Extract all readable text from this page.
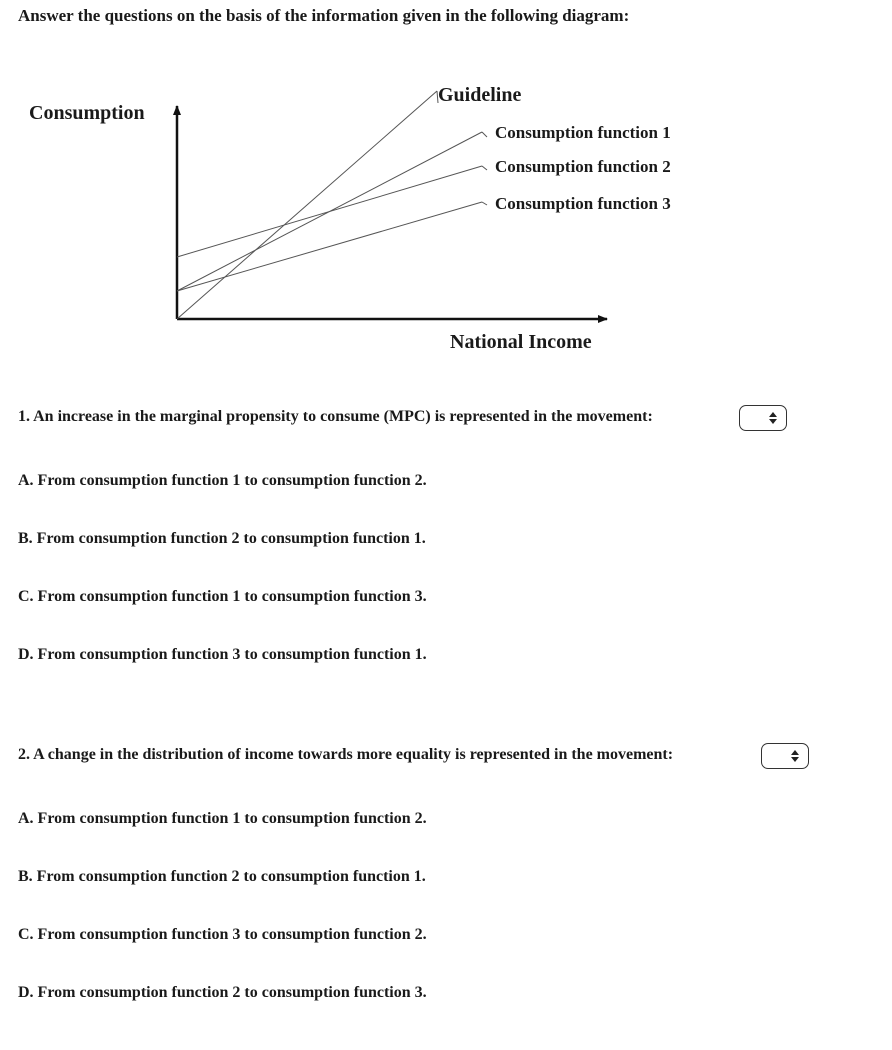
Answer the questions on the basis of the information given in the following diagram:
Consumption
National Income
Guideline
Consumption function 1
Consumption function 2
Consumption function 3
1. An increase in the marginal propensity to consume (MPC) is represented in the movement:
A. From consumption function 1 to consumption function 2.
B. From consumption function 2 to consumption function 1.
C. From consumption function 1 to consumption function 3.
D. From consumption function 3 to consumption function 1.
2. A change in the distribution of income towards more equality is represented in the movement:
A. From consumption function 1 to consumption function 2.
B. From consumption function 2 to consumption function 1.
C. From consumption function 3 to consumption function 2.
D. From consumption function 2 to consumption function 3.
